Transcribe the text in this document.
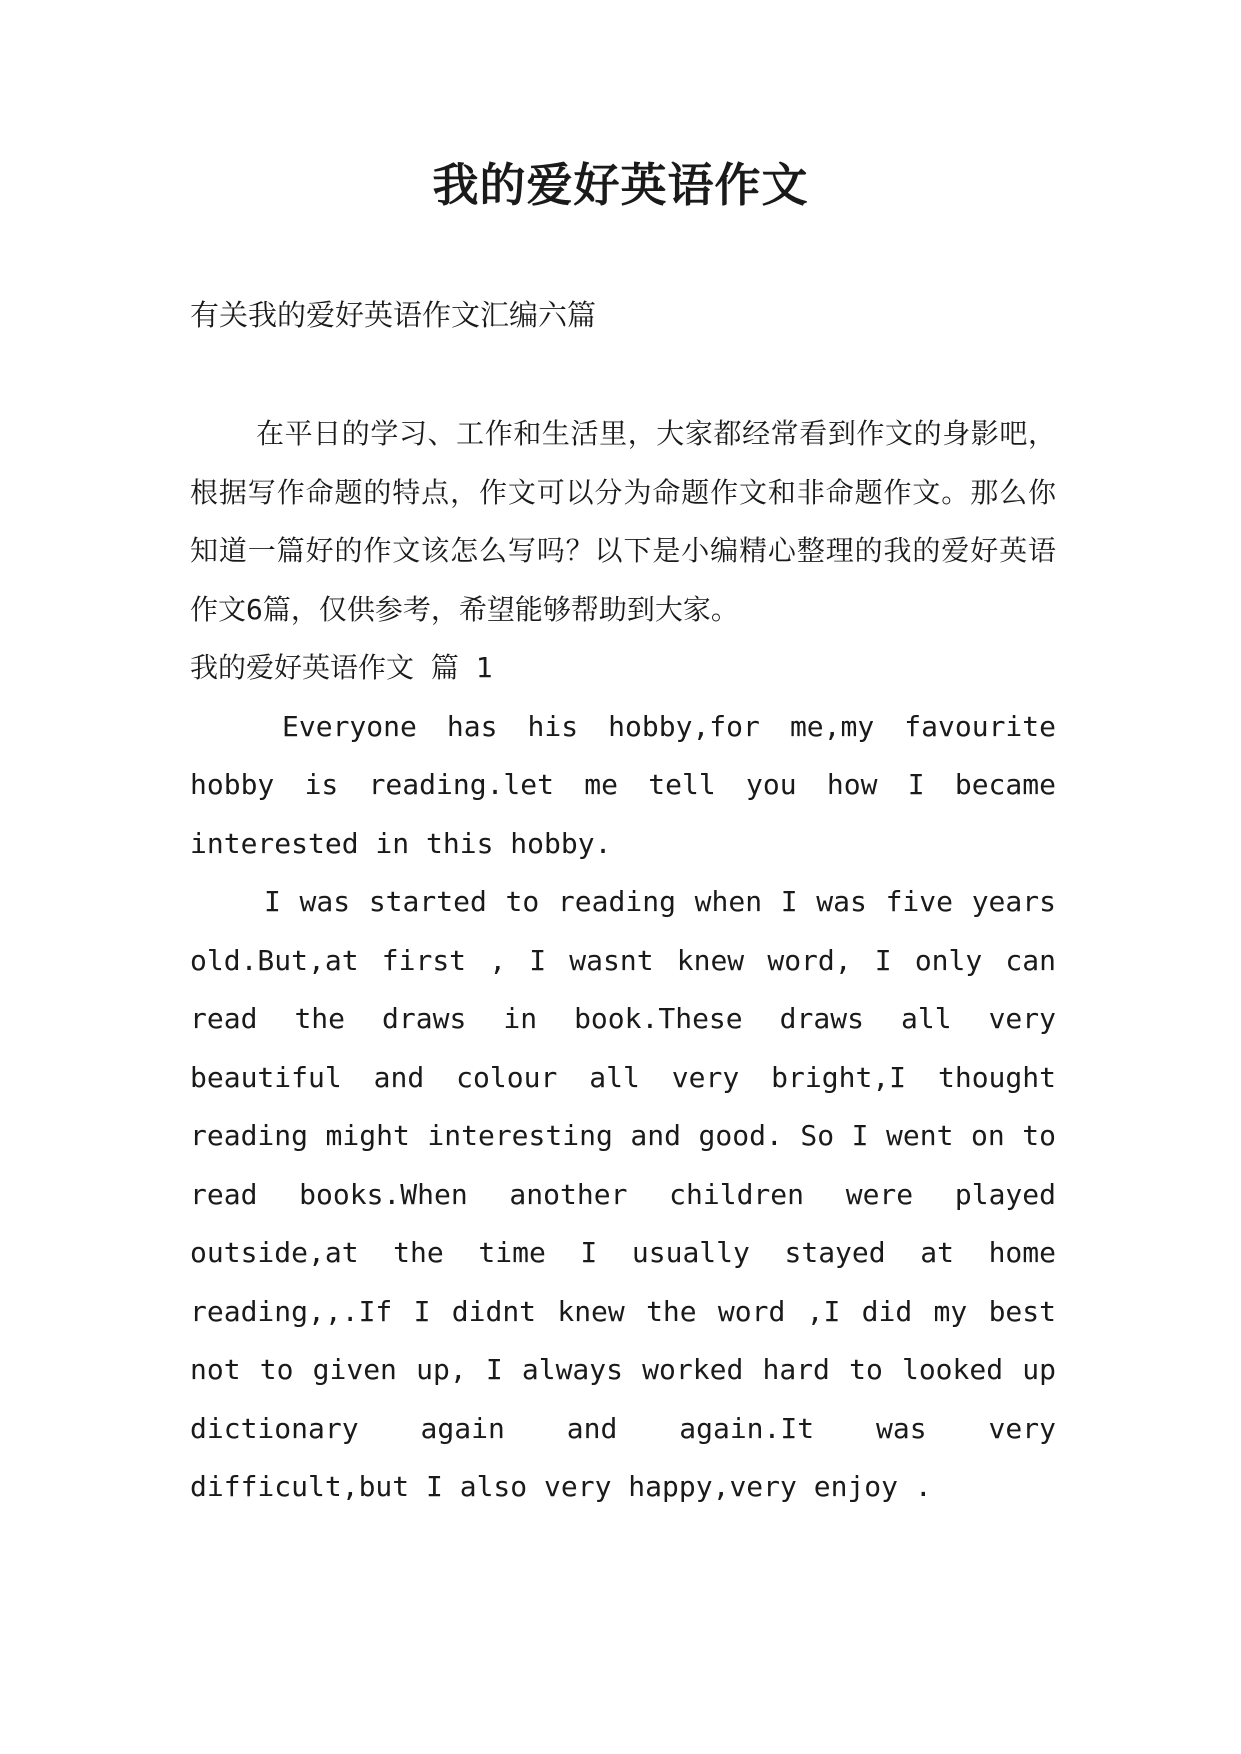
我的爱好英语作文
有关我的爱好英语作文汇编六篇

在平日的学习、工作和生活里，大家都经常看到作文的身影吧，根据写作命题的特点，作文可以分为命题作文和非命题作文。那么你知道一篇好的作文该怎么写吗？以下是小编精心整理的我的爱好英语作文6篇，仅供参考，希望能够帮助到大家。

我的爱好英语作文 篇 1

Everyone has his hobby,for me,my favourite hobby is reading.let me tell you how I became interested in this hobby.

I was started to reading when I was five years old.But,at first , I wasnt knew word, I only can read the draws in book.These draws all very beautiful and colour all very bright,I thought reading might interesting and good. So I went on to read books.When another children were played outside,at the time I usually stayed at home reading,,.If I didnt knew the word ,I did my best not to given up, I always worked hard to looked up dictionary again and again.It was very difficult,but I also very happy,very enjoy .
